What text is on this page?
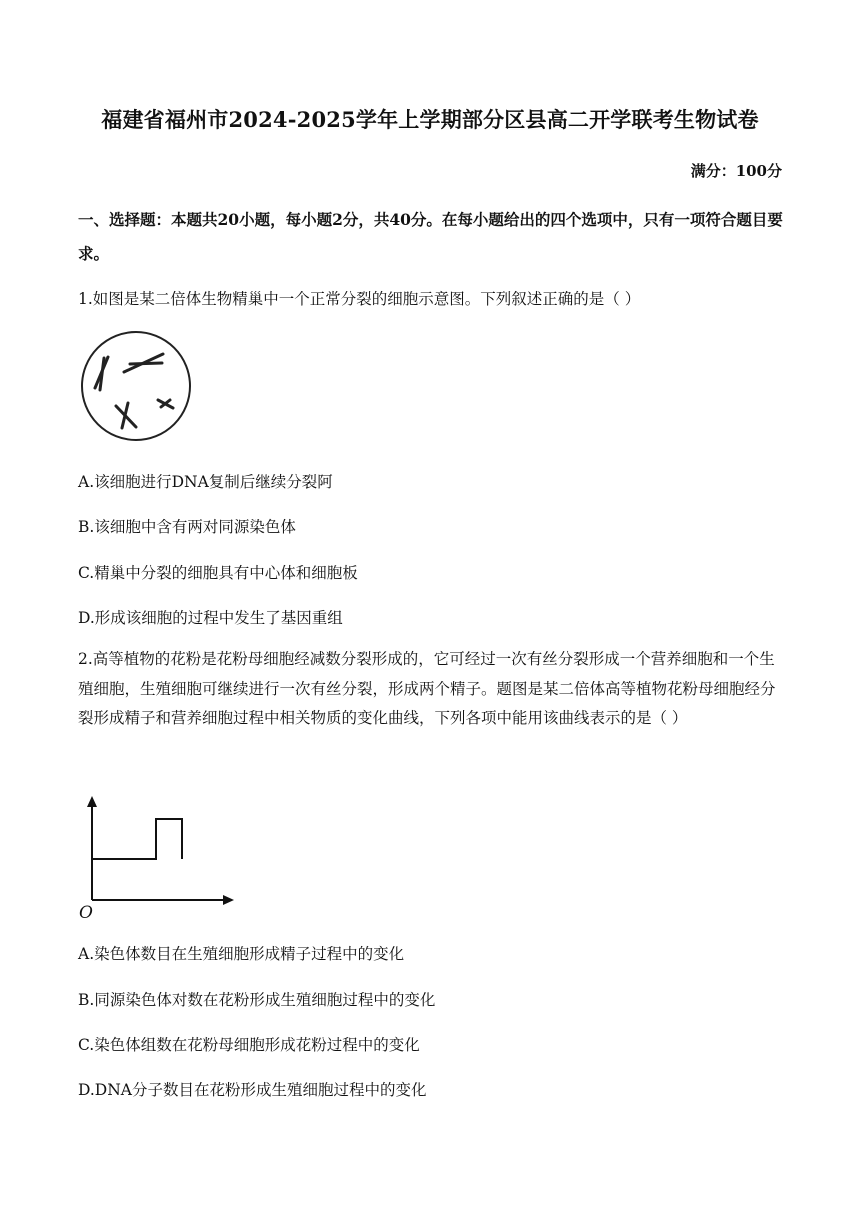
福建省福州市2024-2025学年上学期部分区县高二开学联考生物试卷
满分：100分
一、选择题：本题共20小题，每小题2分，共40分。在每小题给出的四个选项中，只有一项符合题目要求。
1.如图是某二倍体生物精巢中一个正常分裂的细胞示意图。下列叙述正确的是（ ）
A.该细胞进行DNA复制后继续分裂阿
B.该细胞中含有两对同源染色体
C.精巢中分裂的细胞具有中心体和细胞板
D.形成该细胞的过程中发生了基因重组
2.高等植物的花粉是花粉母细胞经减数分裂形成的，它可经过一次有丝分裂形成一个营养细胞和一个生殖细胞，生殖细胞可继续进行一次有丝分裂，形成两个精子。题图是某二倍体高等植物花粉母细胞经分裂形成精子和营养细胞过程中相关物质的变化曲线，下列各项中能用该曲线表示的是（ ）
O
A.染色体数目在生殖细胞形成精子过程中的变化
B.同源染色体对数在花粉形成生殖细胞过程中的变化
C.染色体组数在花粉母细胞形成花粉过程中的变化
D.DNA分子数目在花粉形成生殖细胞过程中的变化
